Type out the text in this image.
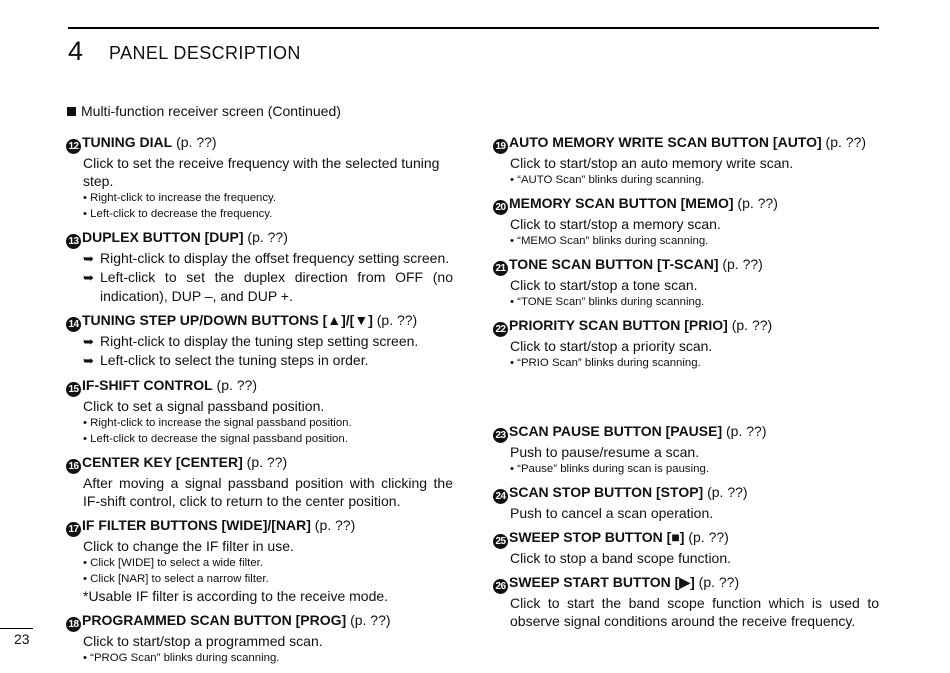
4 PANEL DESCRIPTION
Multi-function receiver screen (Continued)
12 TUNING DIAL (p. ??)
Click to set the receive frequency with the selected tuning step.
• Right-click to increase the frequency.
• Left-click to decrease the frequency.
13 DUPLEX BUTTON [DUP] (p. ??)
➥ Right-click to display the offset frequency setting screen.
➥ Left-click to set the duplex direction from OFF (no indication), DUP –, and DUP +.
14 TUNING STEP UP/DOWN BUTTONS [▲]/[▼] (p. ??)
➥ Right-click to display the tuning step setting screen.
➥ Left-click to select the tuning steps in order.
15 IF-SHIFT CONTROL (p. ??)
Click to set a signal passband position.
• Right-click to increase the signal passband position.
• Left-click to decrease the signal passband position.
16 CENTER KEY [CENTER] (p. ??)
After moving a signal passband position with clicking the IF-shift control, click to return to the center position.
17 IF FILTER BUTTONS [WIDE]/[NAR] (p. ??)
Click to change the IF filter in use.
• Click [WIDE] to select a wide filter.
• Click [NAR] to select a narrow filter.
*Usable IF filter is according to the receive mode.
18 PROGRAMMED SCAN BUTTON [PROG] (p. ??)
Click to start/stop a programmed scan.
• “PROG Scan” blinks during scanning.
19 AUTO MEMORY WRITE SCAN BUTTON [AUTO] (p. ??)
Click to start/stop an auto memory write scan.
• “AUTO Scan” blinks during scanning.
20 MEMORY SCAN BUTTON [MEMO] (p. ??)
Click to start/stop a memory scan.
• “MEMO Scan” blinks during scanning.
21 TONE SCAN BUTTON [T-SCAN] (p. ??)
Click to start/stop a tone scan.
• “TONE Scan” blinks during scanning.
22 PRIORITY SCAN BUTTON [PRIO] (p. ??)
Click to start/stop a priority scan.
• “PRIO Scan” blinks during scanning.
23 SCAN PAUSE BUTTON [PAUSE] (p. ??)
Push to pause/resume a scan.
• “Pause” blinks during scan is pausing.
24 SCAN STOP BUTTON [STOP] (p. ??)
Push to cancel a scan operation.
25 SWEEP STOP BUTTON [■] (p. ??)
Click to stop a band scope function.
26 SWEEP START BUTTON [▶] (p. ??)
Click to start the band scope function which is used to observe signal conditions around the receive frequency.
23
